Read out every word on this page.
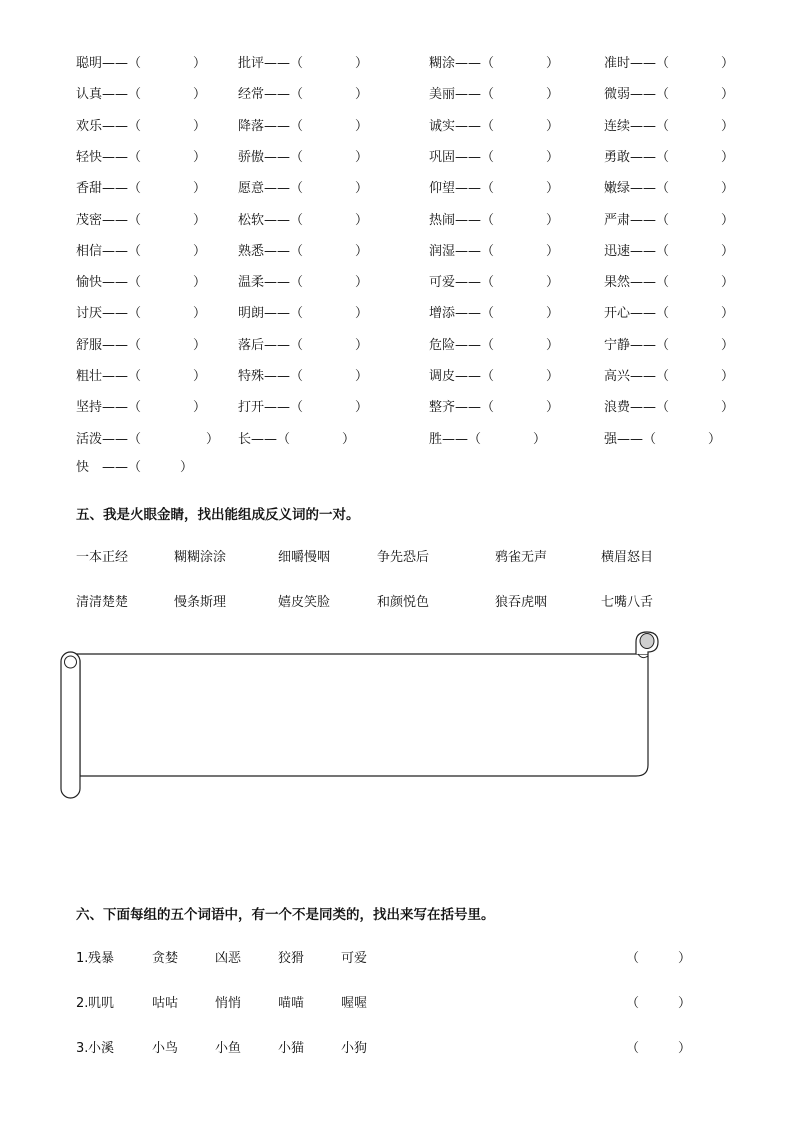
聪明 ——（　　　　） 批评 ——（　　　　）	糊涂 ——（　　　　）	准时 ——（　　　　）
认真 ——（　　　　） 经常 ——（　　　　）	美丽 ——（　　　　）	微弱 ——（　　　　）
欢乐 ——（　　　　） 降落 ——（　　　　）	诚实 ——（　　　　）	连续 ——（　　　　）
轻快 ——（　　　　） 骄傲 ——（　　　　）	巩固 ——（　　　　）	勇敢 ——（　　　　）
香甜 ——（　　　　） 愿意 ——（　　　　）	仰望 ——（　　　　）	嫩绿 ——（　　　　）
茂密 ——（　　　　） 松软 ——（　　　　）	热闹 ——（　　　　）	严肃 ——（　　　　）
相信 ——（　　　　） 熟悉 ——（　　　　）	润湿 ——（　　　　）	迅速 ——（　　　　）
愉快 ——（　　　　） 温柔 ——（　　　　）	可爱 ——（　　　　）	果然 ——（　　　　）
讨厌 ——（　　　　） 明朗 ——（　　　　）	增添 ——（　　　　）	开心 ——（　　　　）
舒服 ——（　　　　） 落后 ——（　　　　）	危险 ——（　　　　）	宁静 ——（　　　　）
粗壮 ——（　　　　） 特殊 ——（　　　　）	调皮 ——（　　　　）	高兴 ——（　　　　）
坚持 ——（　　　　） 打开 ——（　　　　）	整齐 ——（　　　　）	浪费 ——（　　　　）
活泼 ——（　　　　　） 长 ——（　　　　）	胜 ——（　　　　）	强 ——（　　　　）
快 ——（　　　）
五、我是火眼金睛，找出能组成反义词的一对。
一本正经	糊糊涂涂	细嚼慢咽	争先恐后	鸦雀无声	横眉怒目
清清楚楚	慢条斯理	嬉皮笑脸	和颜悦色	狼吞虎咽	七嘴八舌
六、下面每组的五个词语中，有一个不是同类的，找出来写在括号里。
1. 残暴	贪婪	凶恶	狡猾	可爱	（　　　）
2. 叽叽	咕咕	悄悄	喵喵	喔喔	（　　　）
3. 小溪	小鸟	小鱼	小猫	小狗	（　　　）
